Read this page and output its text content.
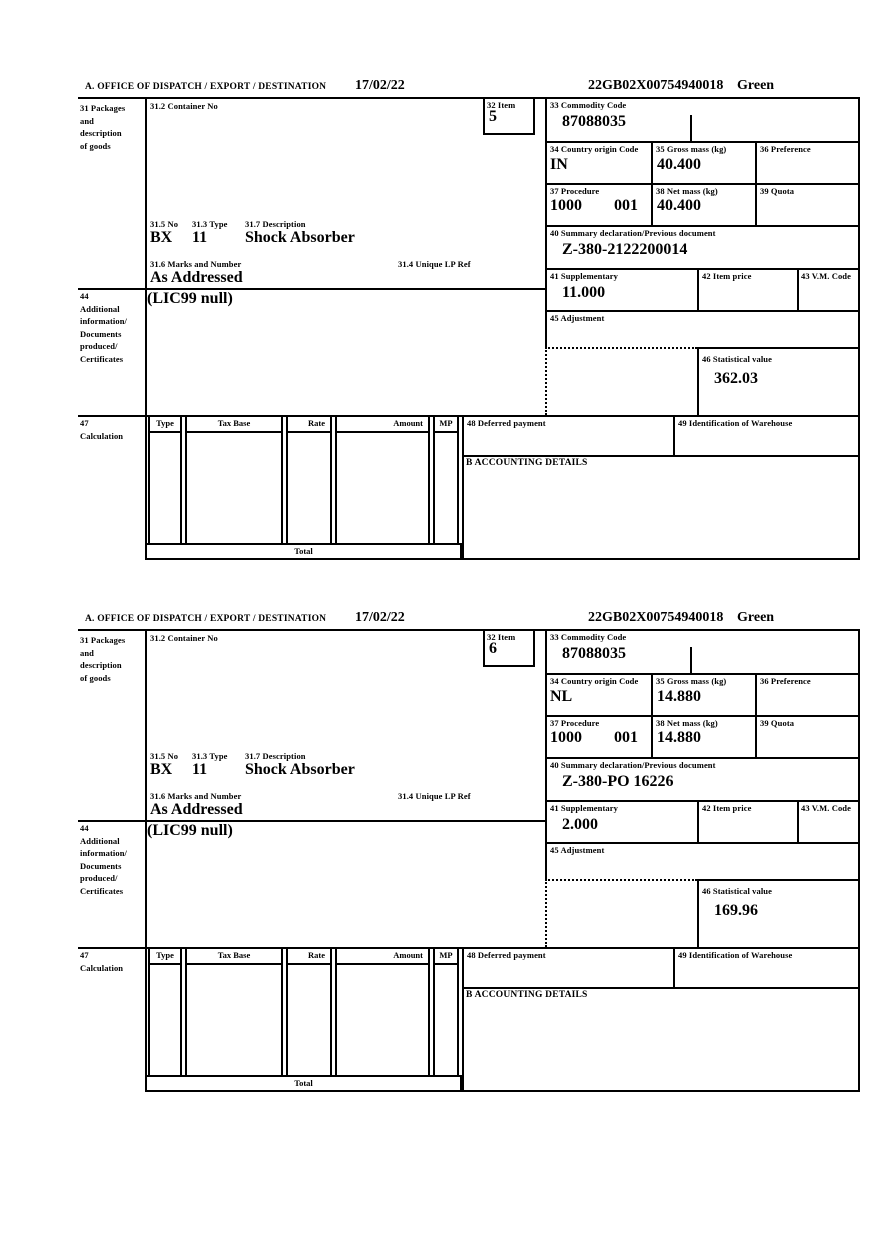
A. OFFICE OF DISPATCH / EXPORT / DESTINATION 17/02/22	22GB02X00754940018 Green
31 Packages
and
description
of goods
31.2 Container No	32 Item
5
33 Commodity Code
87088035
34 Country origin Code
IN
35 Gross mass (kg)
40.400
36 Preference
37 Procedure
1000 001
38 Net mass (kg)
40.400
39 Quota
40 Summary declaration/Previous document
Z-380-2122200014
41 Supplementary
11.000
42 Item price	43 V.M. Code
45 Adjustment
46 Statistical value
362.03
31.5 No 31.3 Type 31.7 Description
BX 11 Shock Absorber
31.6 Marks and Number	31.4 Unique LP Ref
As Addressed
44
Additional
information/
Documents
produced/
Certificates
(LIC99 null)
47
Calculation
Type	Tax Base	Rate	Amount	MP
Total
48 Deferred payment	49 Identification of Warehouse
B ACCOUNTING DETAILS
A. OFFICE OF DISPATCH / EXPORT / DESTINATION 17/02/22	22GB02X00754940018 Green
31 Packages
and
description
of goods
31.2 Container No	32 Item
6
33 Commodity Code
87088035
34 Country origin Code
NL
35 Gross mass (kg)
14.880
36 Preference
37 Procedure
1000 001
38 Net mass (kg)
14.880
39 Quota
40 Summary declaration/Previous document
Z-380-PO 16226
41 Supplementary
2.000
42 Item price	43 V.M. Code
45 Adjustment
46 Statistical value
169.96
31.5 No 31.3 Type 31.7 Description
BX 11 Shock Absorber
31.6 Marks and Number	31.4 Unique LP Ref
As Addressed
44
Additional
information/
Documents
produced/
Certificates
(LIC99 null)
47
Calculation
Type	Tax Base	Rate	Amount	MP
Total
48 Deferred payment	49 Identification of Warehouse
B ACCOUNTING DETAILS
